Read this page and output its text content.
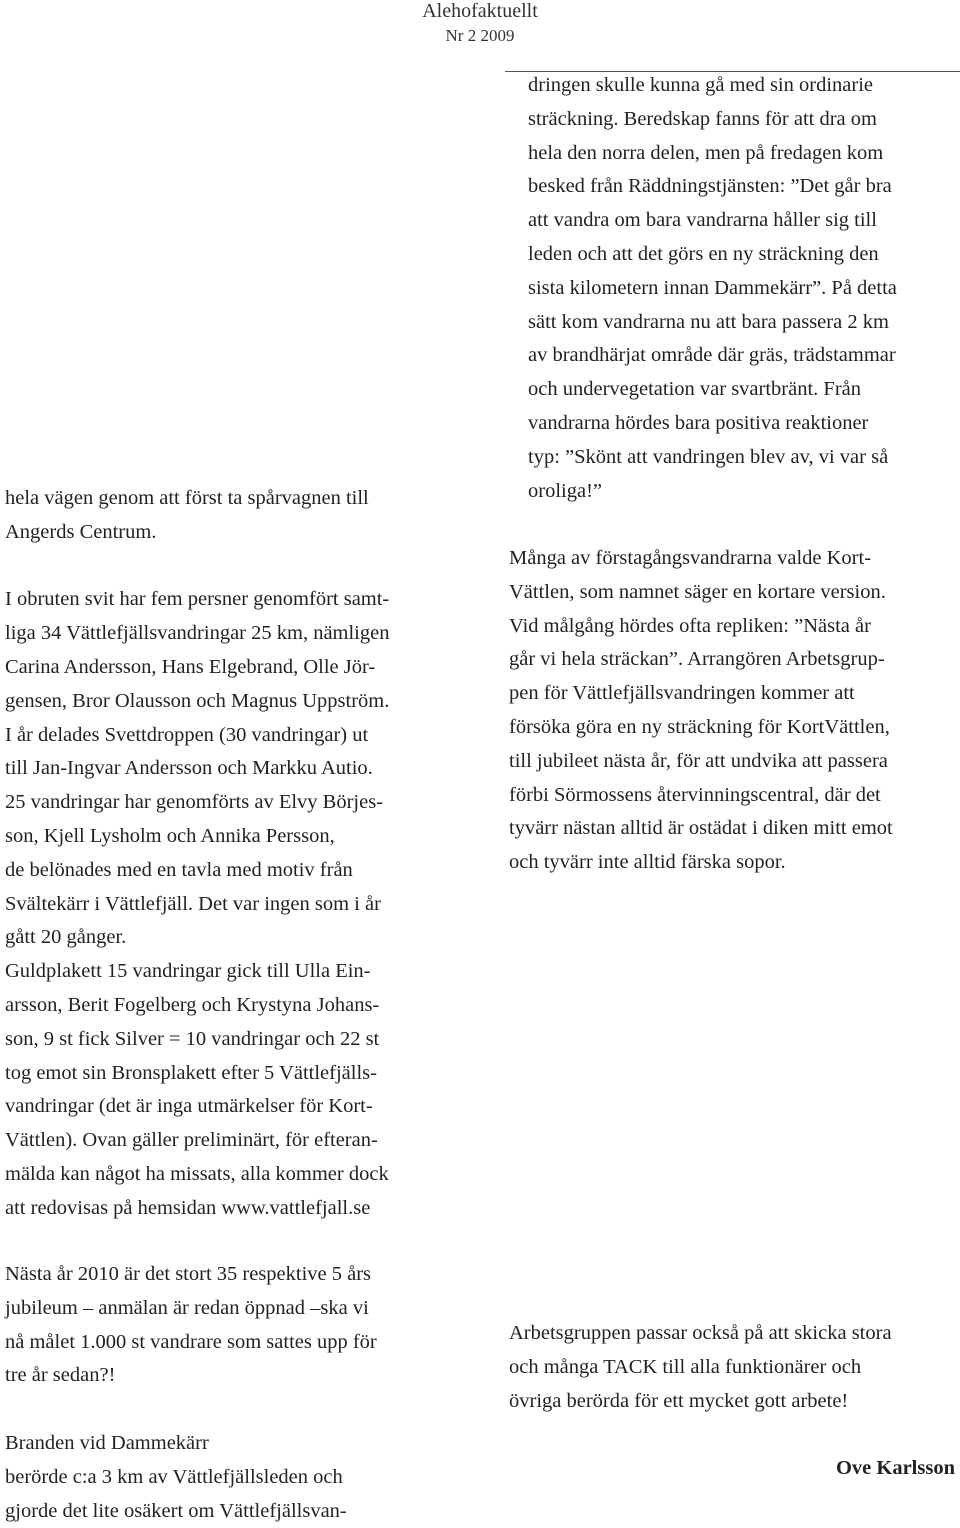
Alehofaktuellt
Nr 2 2009

hela vägen genom att först ta spårvagnen till

Angerds Centrum.

I obruten svit har fem persner genomfört samt-

liga 34 Vättlefjällsvandringar 25 km, nämligen

Carina Andersson, Hans Elgebrand, Olle Jör-

gensen, Bror Olausson och Magnus Uppström.

I år delades Svettdroppen (30 vandringar) ut

till Jan-Ingvar Andersson och Markku Autio.

25 vandringar har genomförts av Elvy Börjes-

son, Kjell Lysholm och Annika Persson,

de belönades med en tavla med motiv från

Svältekärr i Vättlefjäll. Det var ingen som i år

gått 20 gånger.

Guldplakett 15 vandringar gick till Ulla Ein-

arsson, Berit Fogelberg och Krystyna Johans-

son, 9 st fick Silver = 10 vandringar och 22 st

tog emot sin Bronsplakett efter 5 Vättlefjälls-

vandringar (det är inga utmärkelser för Kort-

Vättlen). Ovan gäller preliminärt, för efteran-

mälda kan något ha missats, alla kommer dock

att redovisas på hemsidan www.vattlefjall.se

Nästa år 2010 är det stort 35 respektive 5 års

jubileum – anmälan är redan öppnad –ska vi

nå målet 1.000 st vandrare som sattes upp för

tre år sedan?!

Branden vid Dammekärr

berörde c:a 3 km av Vättlefjällsleden och

gjorde det lite osäkert om Vättlefjällsvan-

dringen skulle kunna gå med sin ordinarie

sträckning. Beredskap fanns för att dra om

hela den norra delen, men på fredagen kom

besked från Räddningstjänsten: ”Det går bra

att vandra om bara vandrarna håller sig till

leden och att det görs en ny sträckning den

sista kilometern innan Dammekärr”. På detta

sätt kom vandrarna nu att bara passera 2 km

av brandhärjat område där gräs, trädstammar

och undervegetation var svartbränt. Från

vandrarna hördes bara positiva reaktioner

typ: ”Skönt att vandringen blev av, vi var så

oroliga!”

Många av förstagångsvandrarna valde Kort-

Vättlen, som namnet säger en kortare version.

Vid målgång hördes ofta repliken: ”Nästa år

går vi hela sträckan”. Arrangören Arbetsgrup-

pen för Vättlefjällsvandringen kommer att

försöka göra en ny sträckning för KortVättlen,

till jubileet nästa år, för att undvika att passera

förbi Sörmossens återvinningscentral, där det

tyvärr nästan alltid är ostädat i diken mitt emot

och tyvärr inte alltid färska sopor.

Arbetsgruppen passar också på att skicka stora

och många TACK till alla funktionärer och

övriga berörda för ett mycket gott arbete!

Ove Karlsson
